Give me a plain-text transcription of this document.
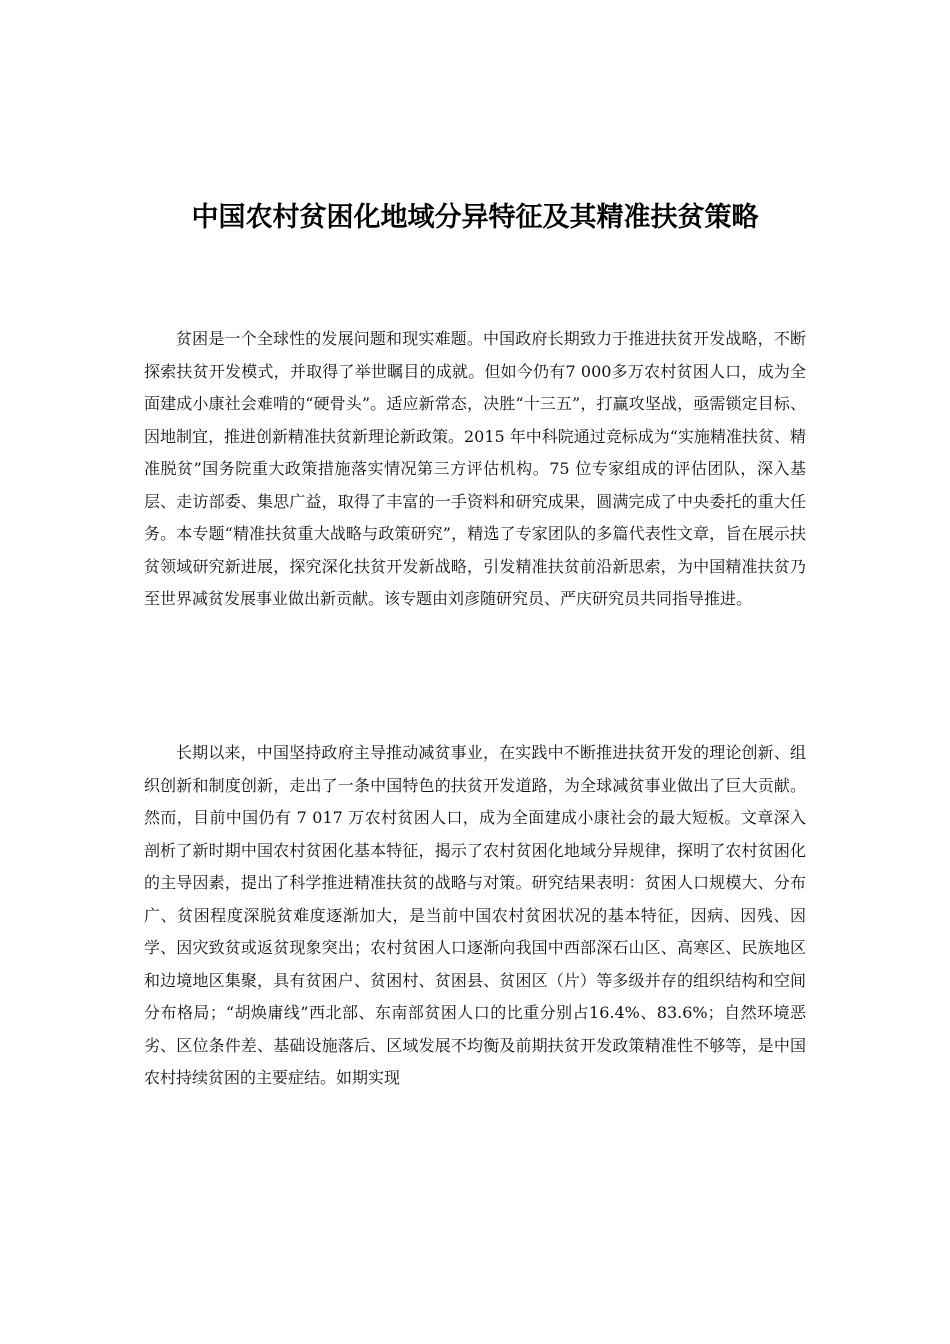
中国农村贫困化地域分异特征及其精准扶贫策略

贫困是一个全球性的发展问题和现实难题。中国政府长期致力于推进扶贫开发战略，不断探索扶贫开发模式，并取得了举世瞩目的成就。但如今仍有7 000多万农村贫困人口，成为全面建成小康社会难啃的“硬骨头”。适应新常态，决胜“十三五”，打赢攻坚战，亟需锁定目标、因地制宜，推进创新精准扶贫新理论新政策。2015 年中科院通过竞标成为“实施精准扶贫、精准脱贫”国务院重大政策措施落实情况第三方评估机构。75 位专家组成的评估团队，深入基层、走访部委、集思广益，取得了丰富的一手资料和研究成果，圆满完成了中央委托的重大任务。本专题“精准扶贫重大战略与政策研究”，精选了专家团队的多篇代表性文章，旨在展示扶贫领域研究新进展，探究深化扶贫开发新战略，引发精准扶贫前沿新思索，为中国精准扶贫乃至世界减贫发展事业做出新贡献。该专题由刘彦随研究员、严庆研究员共同指导推进。

长期以来，中国坚持政府主导推动减贫事业，在实践中不断推进扶贫开发的理论创新、组织创新和制度创新，走出了一条中国特色的扶贫开发道路，为全球减贫事业做出了巨大贡献。然而，目前中国仍有 7 017 万农村贫困人口，成为全面建成小康社会的最大短板。文章深入剖析了新时期中国农村贫困化基本特征，揭示了农村贫困化地域分异规律，探明了农村贫困化的主导因素，提出了科学推进精准扶贫的战略与对策。研究结果表明：贫困人口规模大、分布广、贫困程度深脱贫难度逐渐加大，是当前中国农村贫困状况的基本特征，因病、因残、因学、因灾致贫或返贫现象突出；农村贫困人口逐渐向我国中西部深石山区、高寒区、民族地区和边境地区集聚，具有贫困户、贫困村、贫困县、贫困区（片）等多级并存的组织结构和空间分布格局；“胡焕庸线”西北部、东南部贫困人口的比重分别占16.4%、83.6%；自然环境恶劣、区位条件差、基础设施落后、区域发展不均衡及前期扶贫开发政策精准性不够等，是中国农村持续贫困的主要症结。如期实现
